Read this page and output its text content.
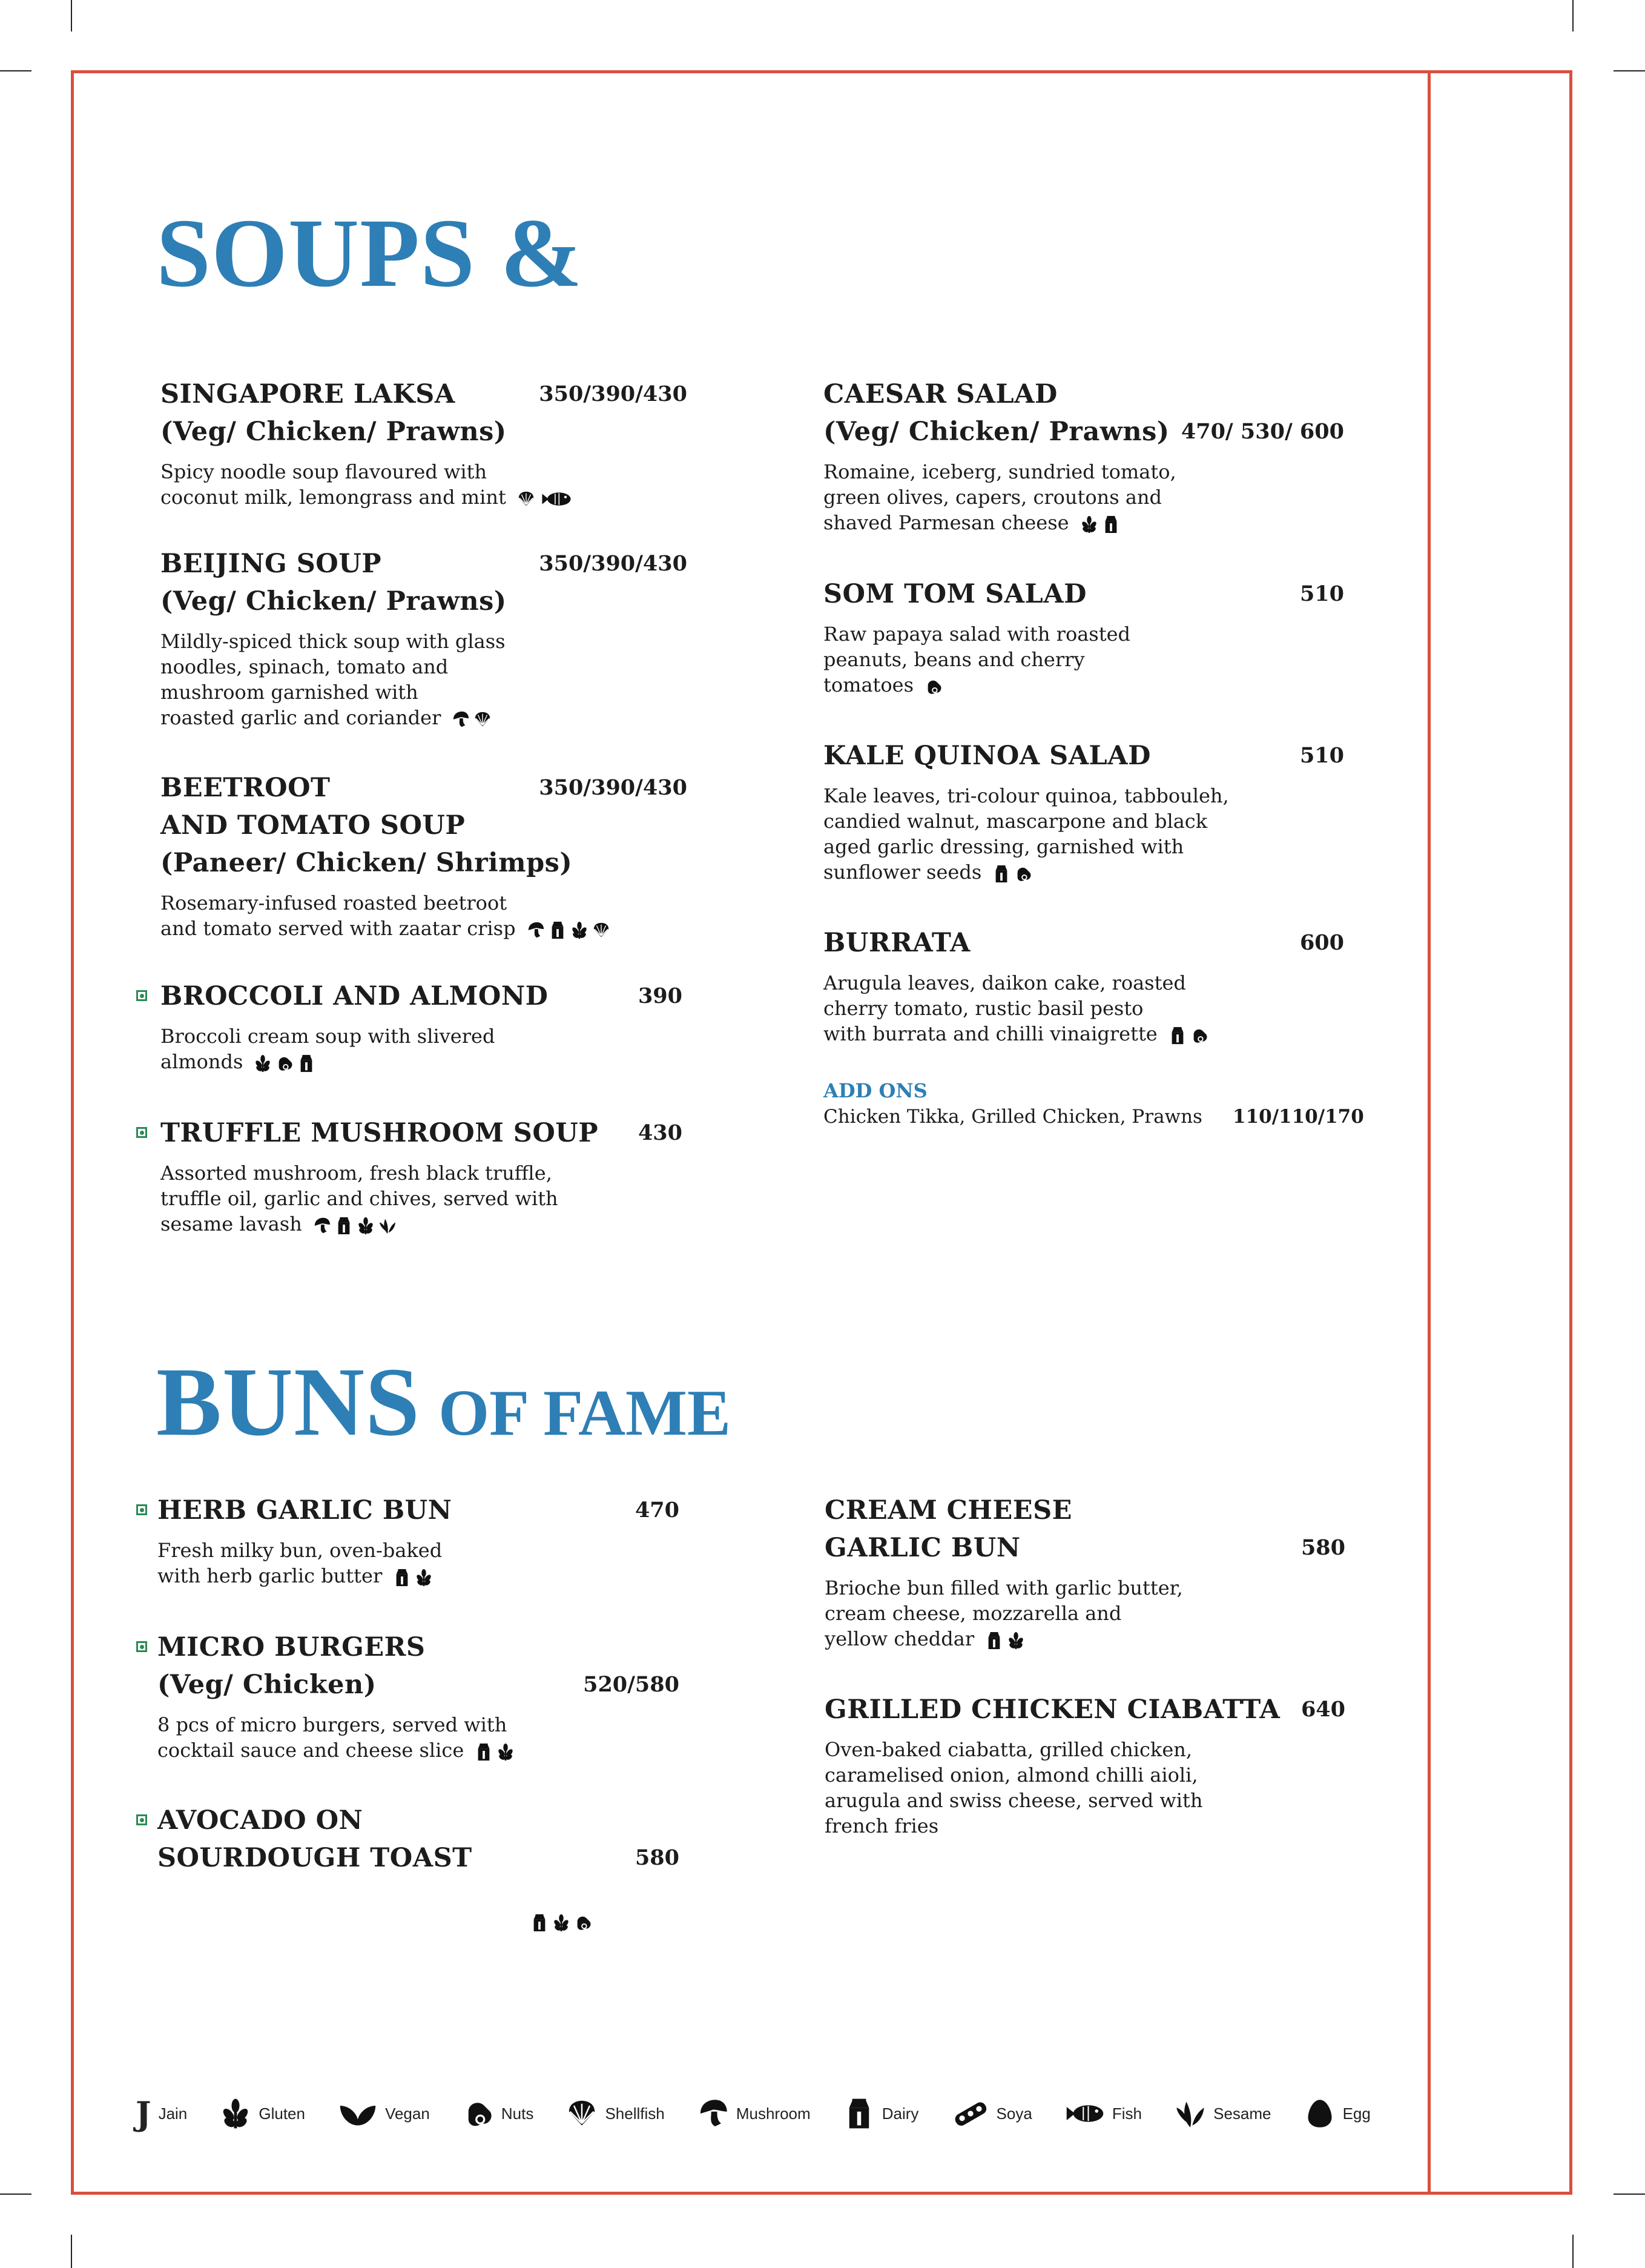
SOUPS &
SINGAPORE LAKSA
(Veg/ Chicken/ Prawns)
350/390/430
Spicy noodle soup flavoured with
coconut milk, lemongrass and mint
BEIJING SOUP
(Veg/ Chicken/ Prawns)
350/390/430
Mildly-spiced thick soup with glass
noodles, spinach, tomato and
mushroom garnished with
roasted garlic and coriander
BEETROOT
AND TOMATO SOUP
(Paneer/ Chicken/ Shrimps)
350/390/430
Rosemary-infused roasted beetroot
and tomato served with zaatar crisp
BROCCOLI AND ALMOND	390
Broccoli cream soup with slivered
almonds
TRUFFLE MUSHROOM SOUP	430
Assorted mushroom, fresh black truffle,
truffle oil, garlic and chives, served with
sesame lavash
CAESAR SALAD
(Veg/ Chicken/ Prawns) 470/ 530/ 600
Romaine, iceberg, sundried tomato,
green olives, capers, croutons and
shaved Parmesan cheese
SOM TOM SALAD	510
Raw papaya salad with roasted
peanuts, beans and cherry
tomatoes
KALE QUINOA SALAD	510
Kale leaves, tri-colour quinoa, tabbouleh,
candied walnut, mascarpone and black
aged garlic dressing, garnished with
sunflower seeds
BURRATA	600
Arugula leaves, daikon cake, roasted
cherry tomato, rustic basil pesto
with burrata and chilli vinaigrette
ADD ONS
Chicken Tikka, Grilled Chicken, Prawns 110/110/170
BUNS OF FAME
HERB GARLIC BUN	470
Fresh milky bun, oven-baked
with herb garlic butter
MICRO BURGERS
(Veg/ Chicken)	520/580
8 pcs of micro burgers, served with
cocktail sauce and cheese slice
AVOCADO ON
SOURDOUGH TOAST	580
CREAM CHEESE
GARLIC BUN	580
Brioche bun filled with garlic butter,
cream cheese, mozzarella and
yellow cheddar
GRILLED CHICKEN CIABATTA 640
Oven-baked ciabatta, grilled chicken,
caramelised onion, almond chilli aioli,
arugula and swiss cheese, served with
french fries
J Jain	Gluten	Vegan	Nuts	Shellfish	Mushroom	Dairy	Soya	Fish	Sesame	Egg
